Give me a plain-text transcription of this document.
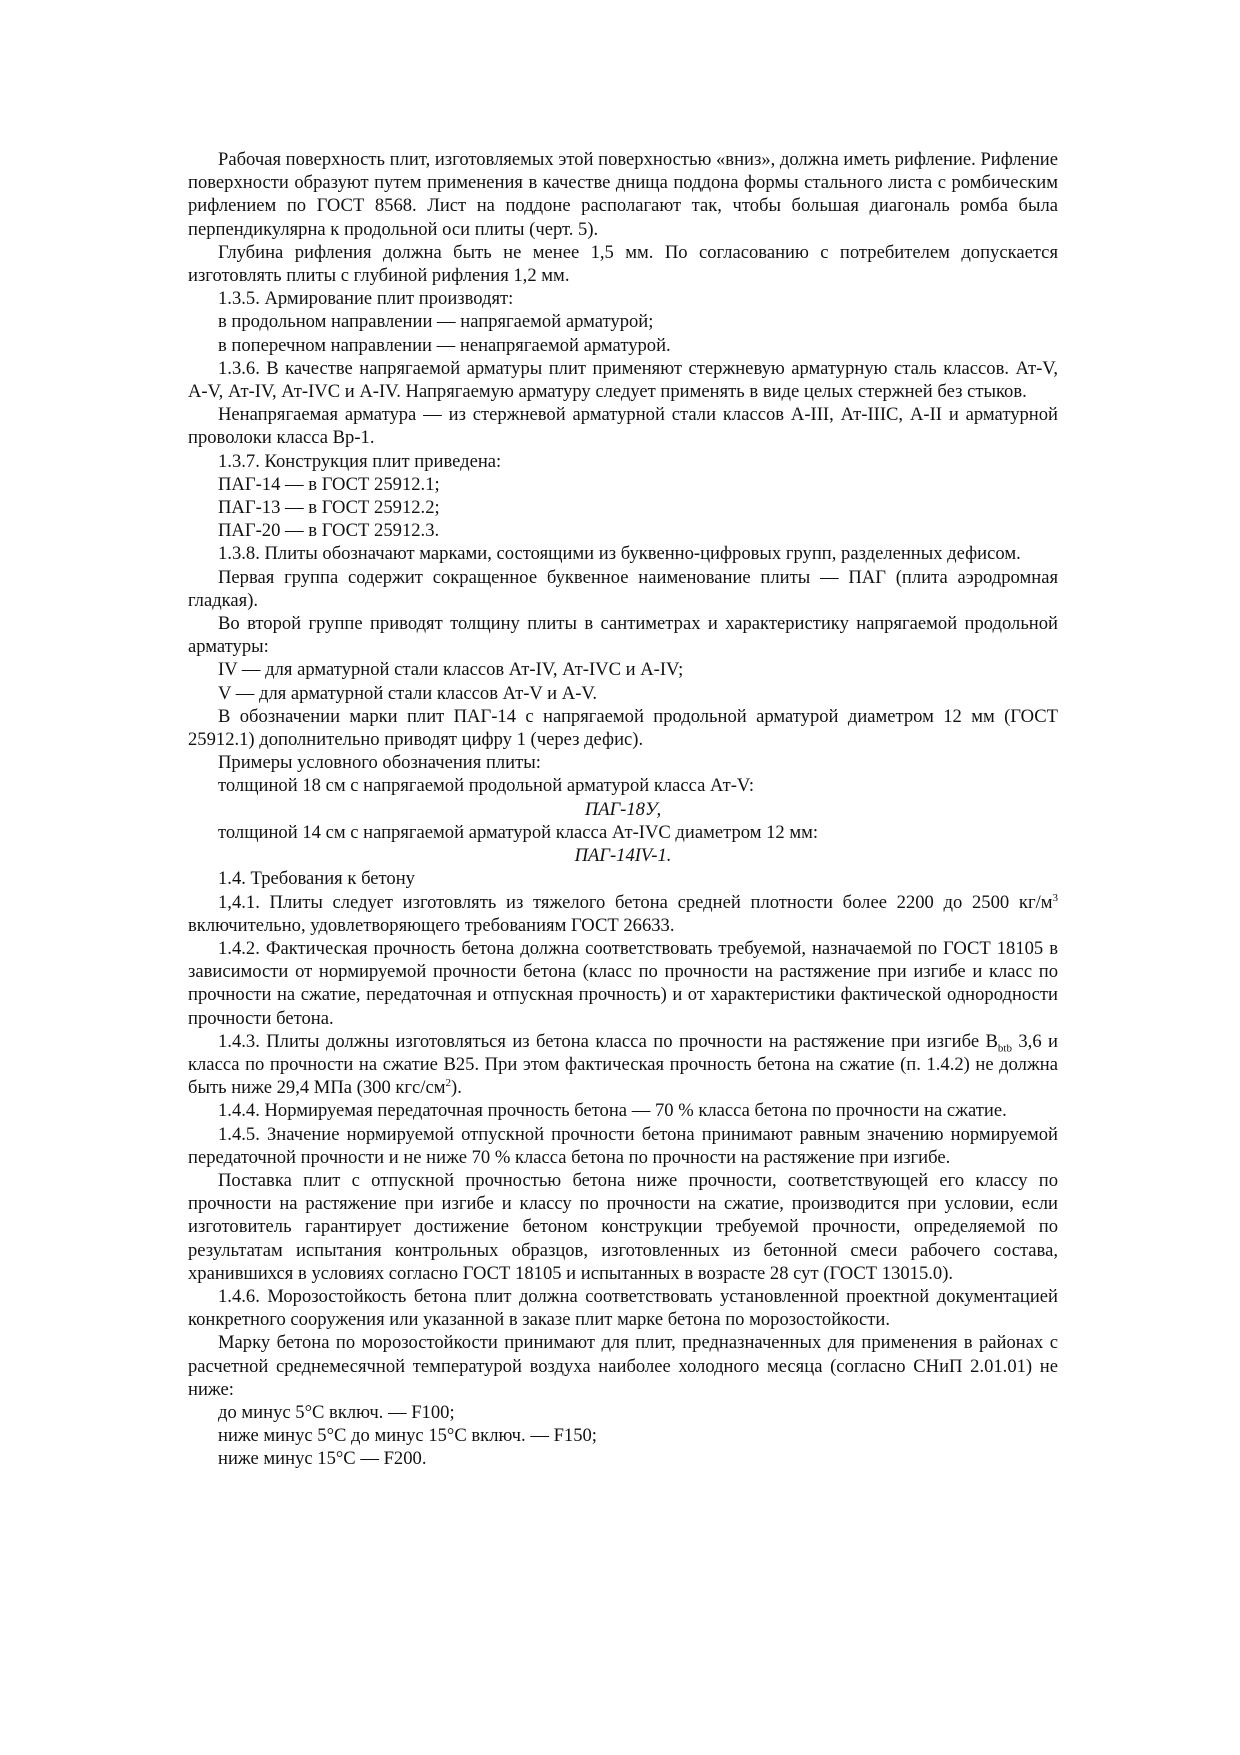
Рабочая поверхность плит, изготовляемых этой поверхностью «вниз», должна иметь рифление. Рифление поверхности образуют путем применения в качестве днища поддона формы стального листа с ромбическим рифлением по ГОСТ 8568. Лист на поддоне располагают так, чтобы большая диагональ ромба была перпендикулярна к продольной оси плиты (черт. 5).

Глубина рифления должна быть не менее 1,5 мм. По согласованию с потребителем допускается изготовлять плиты с глубиной рифления 1,2 мм.

1.3.5. Армирование плит производят:

в продольном направлении — напрягаемой арматурой;

в поперечном направлении — ненапрягаемой арматурой.

1.3.6. В качестве напрягаемой арматуры плит применяют стержневую арматурную сталь классов. Ат-V, A-V, Ат-IV, Ат-IVC и A-IV. Напрягаемую арматуру следует применять в виде целых стержней без стыков.

Ненапрягаемая арматура — из стержневой арматурной стали классов А-III, Ат-IIIC, А-II и арматурной проволоки класса Вр-1.

1.3.7. Конструкция плит приведена:

ПАГ-14 — в ГОСТ 25912.1;

ПАГ-13 — в ГОСТ 25912.2;

ПАГ-20 — в ГОСТ 25912.3.

1.3.8. Плиты обозначают марками, состоящими из буквенно-цифровых групп, разделенных дефисом.

Первая группа содержит сокращенное буквенное наименование плиты — ПАГ (плита аэродромная гладкая).

Во второй группе приводят толщину плиты в сантиметрах и характеристику напрягаемой продольной арматуры:

IV — для арматурной стали классов Ат-IV, Ат-IVC и A-IV;

V — для арматурной стали классов Ат-V и A-V.

В обозначении марки плит ПАГ-14 с напрягаемой продольной арматурой диаметром 12 мм (ГОСТ 25912.1) дополнительно приводят цифру 1 (через дефис).

Примеры условного обозначения плиты:

толщиной 18 см с напрягаемой продольной арматурой класса Ат-V:

ПАГ-18У,

толщиной 14 см с напрягаемой арматурой класса Ат-IVC диаметром 12 мм:

ПАГ-14IV-1.

1.4. Требования к бетону

1,4.1. Плиты следует изготовлять из тяжелого бетона средней плотности более 2200 до 2500 $кг/м^3$ включительно, удовлетворяющего требованиям ГОСТ 26633.

1.4.2. Фактическая прочность бетона должна соответствовать требуемой, назначаемой по ГОСТ 18105 в зависимости от нормируемой прочности бетона (класс по прочности на растяжение при изгибе и класс по прочности на сжатие, передаточная и отпускная прочность) и от характеристики фактической однородности прочности бетона.

1.4.3. Плиты должны изготовляться из бетона класса по прочности на растяжение при изгибе $В_{btb}$ 3,6 и класса по прочности на сжатие В25. При этом фактическая прочность бетона на сжатие (п. 1.4.2) не должна быть ниже 29,4 МПа (300 кгс/$см^2$).

1.4.4. Нормируемая передаточная прочность бетона — 70 % класса бетона по прочности на сжатие.

1.4.5. Значение нормируемой отпускной прочности бетона принимают равным значению нормируемой передаточной прочности и не ниже 70 % класса бетона по прочности на растяжение при изгибе.

Поставка плит с отпускной прочностью бетона ниже прочности, соответствующей его классу по прочности на растяжение при изгибе и классу по прочности на сжатие, производится при условии, если изготовитель гарантирует достижение бетоном конструкции требуемой прочности, определяемой по результатам испытания контрольных образцов, изготовленных из бетонной смеси рабочего состава, хранившихся в условиях согласно ГОСТ 18105 и испытанных в возрасте 28 сут (ГОСТ 13015.0).

1.4.6. Морозостойкость бетона плит должна соответствовать установленной проектной документацией конкретного сооружения или указанной в заказе плит марке бетона по морозостойкости.

Марку бетона по морозостойкости принимают для плит, предназначенных для применения в районах с расчетной среднемесячной температурой воздуха наиболее холодного месяца (согласно СНиП 2.01.01) не ниже:

до минус 5°С включ. — F100;

ниже минус 5°С до минус 15°С включ. — F150;

ниже минус 15°С — F200.
